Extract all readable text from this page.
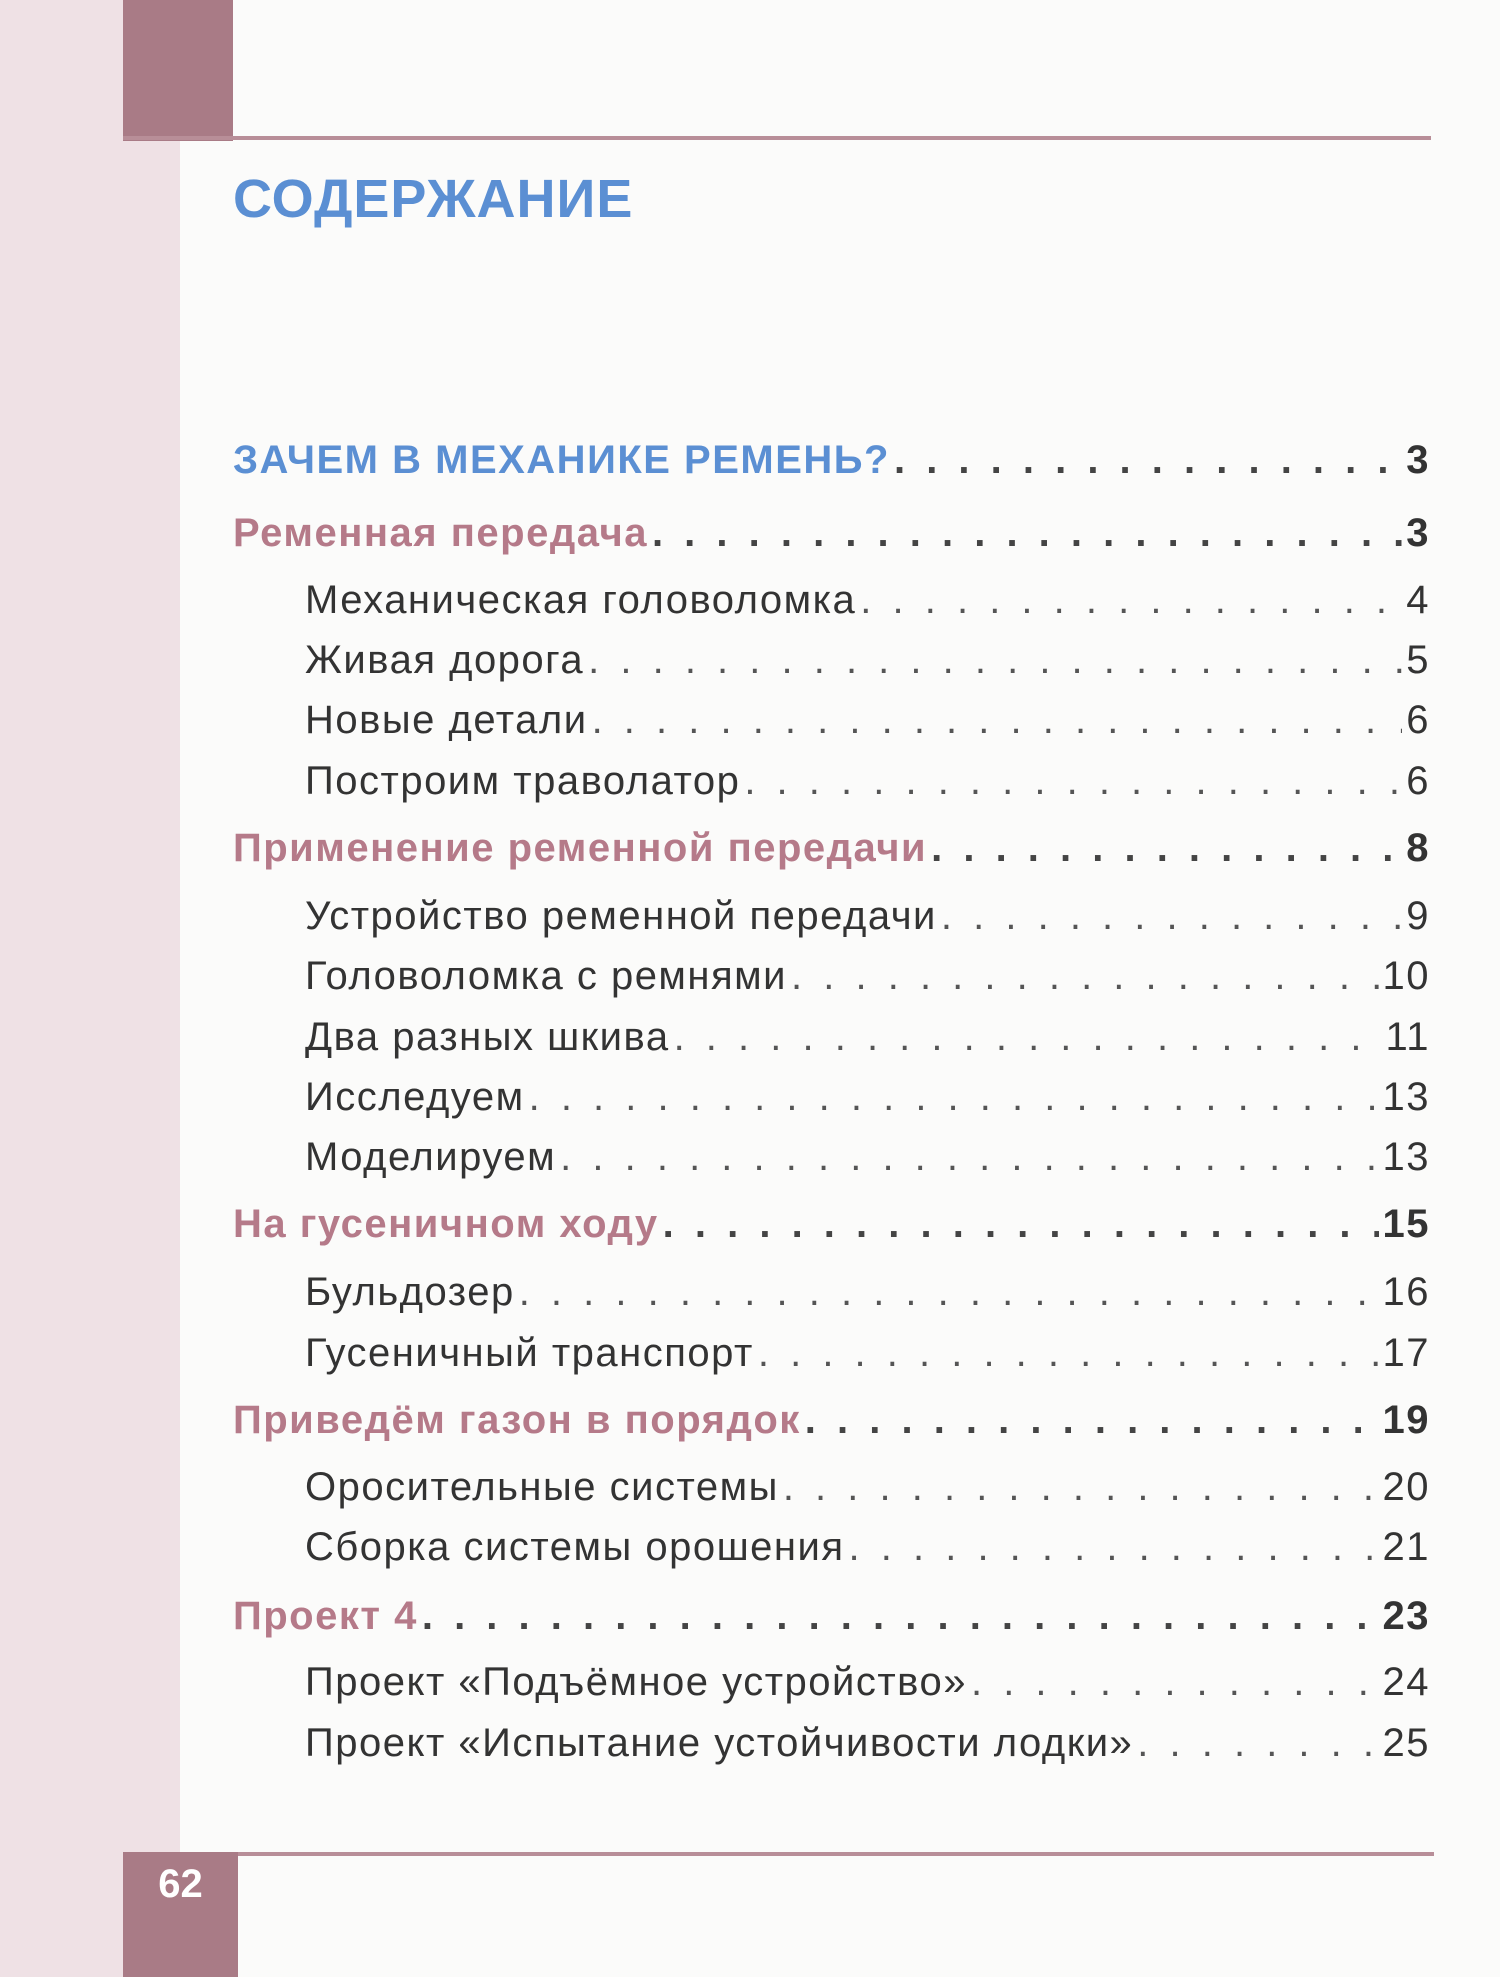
СОДЕРЖАНИЕ
ЗАЧЕМ В МЕХАНИКЕ РЕМЕНЬ? . . .	3
Ременная передача . . .	3
Механическая головоломка . . .	4
Живая дорога . . .	5
Новые детали . . .	6
Построим траволатор . . .	6
Применение ременной передачи . . .	8
Устройство ременной передачи . . .	9
Головоломка с ремнями . . .	10
Два разных шкива . . .	11
Исследуем . . .	13
Моделируем . . .	13
На гусеничном ходу . . .	15
Бульдозер . . .	16
Гусеничный транспорт . . .	17
Приведём газон в порядок . . .	19
Оросительные системы . . .	20
Сборка системы орошения . . .	21
Проект 4 . . .	23
Проект «Подъёмное устройство» . . .	24
Проект «Испытание устойчивости лодки» . . .	25
62
